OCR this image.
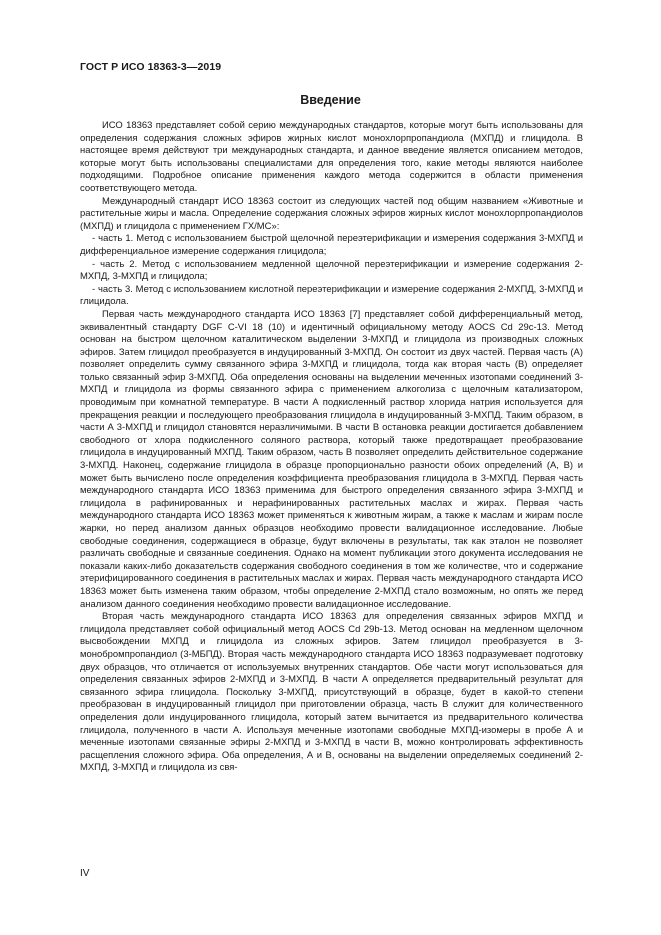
ГОСТ Р ИСО 18363-3—2019
Введение

ИСО 18363 представляет собой серию международных стандартов, которые могут быть использованы для определения содержания сложных эфиров жирных кислот монохлорпропандиола (МХПД) и глицидола. В настоящее время действуют три международных стандарта, и данное введение является описанием методов, которые могут быть использованы специалистами для определения того, какие методы являются наиболее подходящими. Подробное описание применения каждого метода содержится в области применения соответствующего метода.

Международный стандарт ИСО 18363 состоит из следующих частей под общим названием «Животные и растительные жиры и масла. Определение содержания сложных эфиров жирных кислот монохлорпропандиолов (МХПД) и глицидола с применением ГХ/МС»:

- часть 1. Метод с использованием быстрой щелочной переэтерификации и измерения содержания 3-МХПД и дифференциальное измерение содержания глицидола;

- часть 2. Метод с использованием медленной щелочной переэтерификации и измерение содержания 2-МХПД, 3-МХПД и глицидола;

- часть 3. Метод с использованием кислотной переэтерификации и измерение содержания 2-МХПД, 3-МХПД и глицидола.

Первая часть международного стандарта ИСО 18363 [7] представляет собой дифференциальный метод, эквивалентный стандарту DGF C-VI 18 (10) и идентичный официальному методу AOCS Cd 29c-13. Метод основан на быстром щелочном каталитическом выделении 3-МХПД и глицидола из производных сложных эфиров. Затем глицидол преобразуется в индуцированный 3-МХПД. Он состоит из двух частей. Первая часть (А) позволяет определить сумму связанного эфира 3-МХПД и глицидола, тогда как вторая часть (В) определяет только связанный эфир 3-МХПД. Оба определения основаны на выделении меченных изотопами соединений 3-МХПД и глицидола из формы связанного эфира с применением алкоголиза с щелочным катализатором, проводимым при комнатной температуре. В части А подкисленный раствор хлорида натрия используется для прекращения реакции и последующего преобразования глицидола в индуцированный 3-МХПД. Таким образом, в части А 3-МХПД и глицидол становятся неразличимыми. В части В остановка реакции достигается добавлением свободного от хлора подкисленного соляного раствора, который также предотвращает преобразование глицидола в индуцированный МХПД. Таким образом, часть В позволяет определить действительное содержание 3-МХПД. Наконец, содержание глицидола в образце пропорционально разности обоих определений (А, В) и может быть вычислено после определения коэффициента преобразования глицидола в 3-МХПД. Первая часть международного стандарта ИСО 18363 применима для быстрого определения связанного эфира 3-МХПД и глицидола в рафинированных и нерафинированных растительных маслах и жирах. Первая часть международного стандарта ИСО 18363 может применяться к животным жирам, а также к маслам и жирам после жарки, но перед анализом данных образцов необходимо провести валидационное исследование. Любые свободные соединения, содержащиеся в образце, будут включены в результаты, так как эталон не позволяет различать свободные и связанные соединения. Однако на момент публикации этого документа исследования не показали каких-либо доказательств содержания свободного соединения в том же количестве, что и содержание этерифицированного соединения в растительных маслах и жирах. Первая часть международного стандарта ИСО 18363 может быть изменена таким образом, чтобы определение 2-МХПД стало возможным, но опять же перед анализом данного соединения необходимо провести валидационное исследование.

Вторая часть международного стандарта ИСО 18363 для определения связанных эфиров МХПД и глицидола представляет собой официальный метод AOCS Cd 29b-13. Метод основан на медленном щелочном высвобождении МХПД и глицидола из сложных эфиров. Затем глицидол преобразуется в 3-монобромпропандиол (3-МБПД). Вторая часть международного стандарта ИСО 18363 подразумевает подготовку двух образцов, что отличается от используемых внутренних стандартов. Обе части могут использоваться для определения связанных эфиров 2-МХПД и 3-МХПД. В части А определяется предварительный результат для связанного эфира глицидола. Поскольку 3-МХПД, присутствующий в образце, будет в какой-то степени преобразован в индуцированный глицидол при приготовлении образца, часть В служит для количественного определения доли индуцированного глицидола, который затем вычитается из предварительного количества глицидола, полученного в части А. Используя меченные изотопами свободные МХПД-изомеры в пробе А и меченные изотопами связанные эфиры 2-МХПД и 3-МХПД в части В, можно контролировать эффективность расщепления сложного эфира. Оба определения, А и В, основаны на выделении определяемых соединений 2-МХПД, 3-МХПД и глицидола из свя-

IV
